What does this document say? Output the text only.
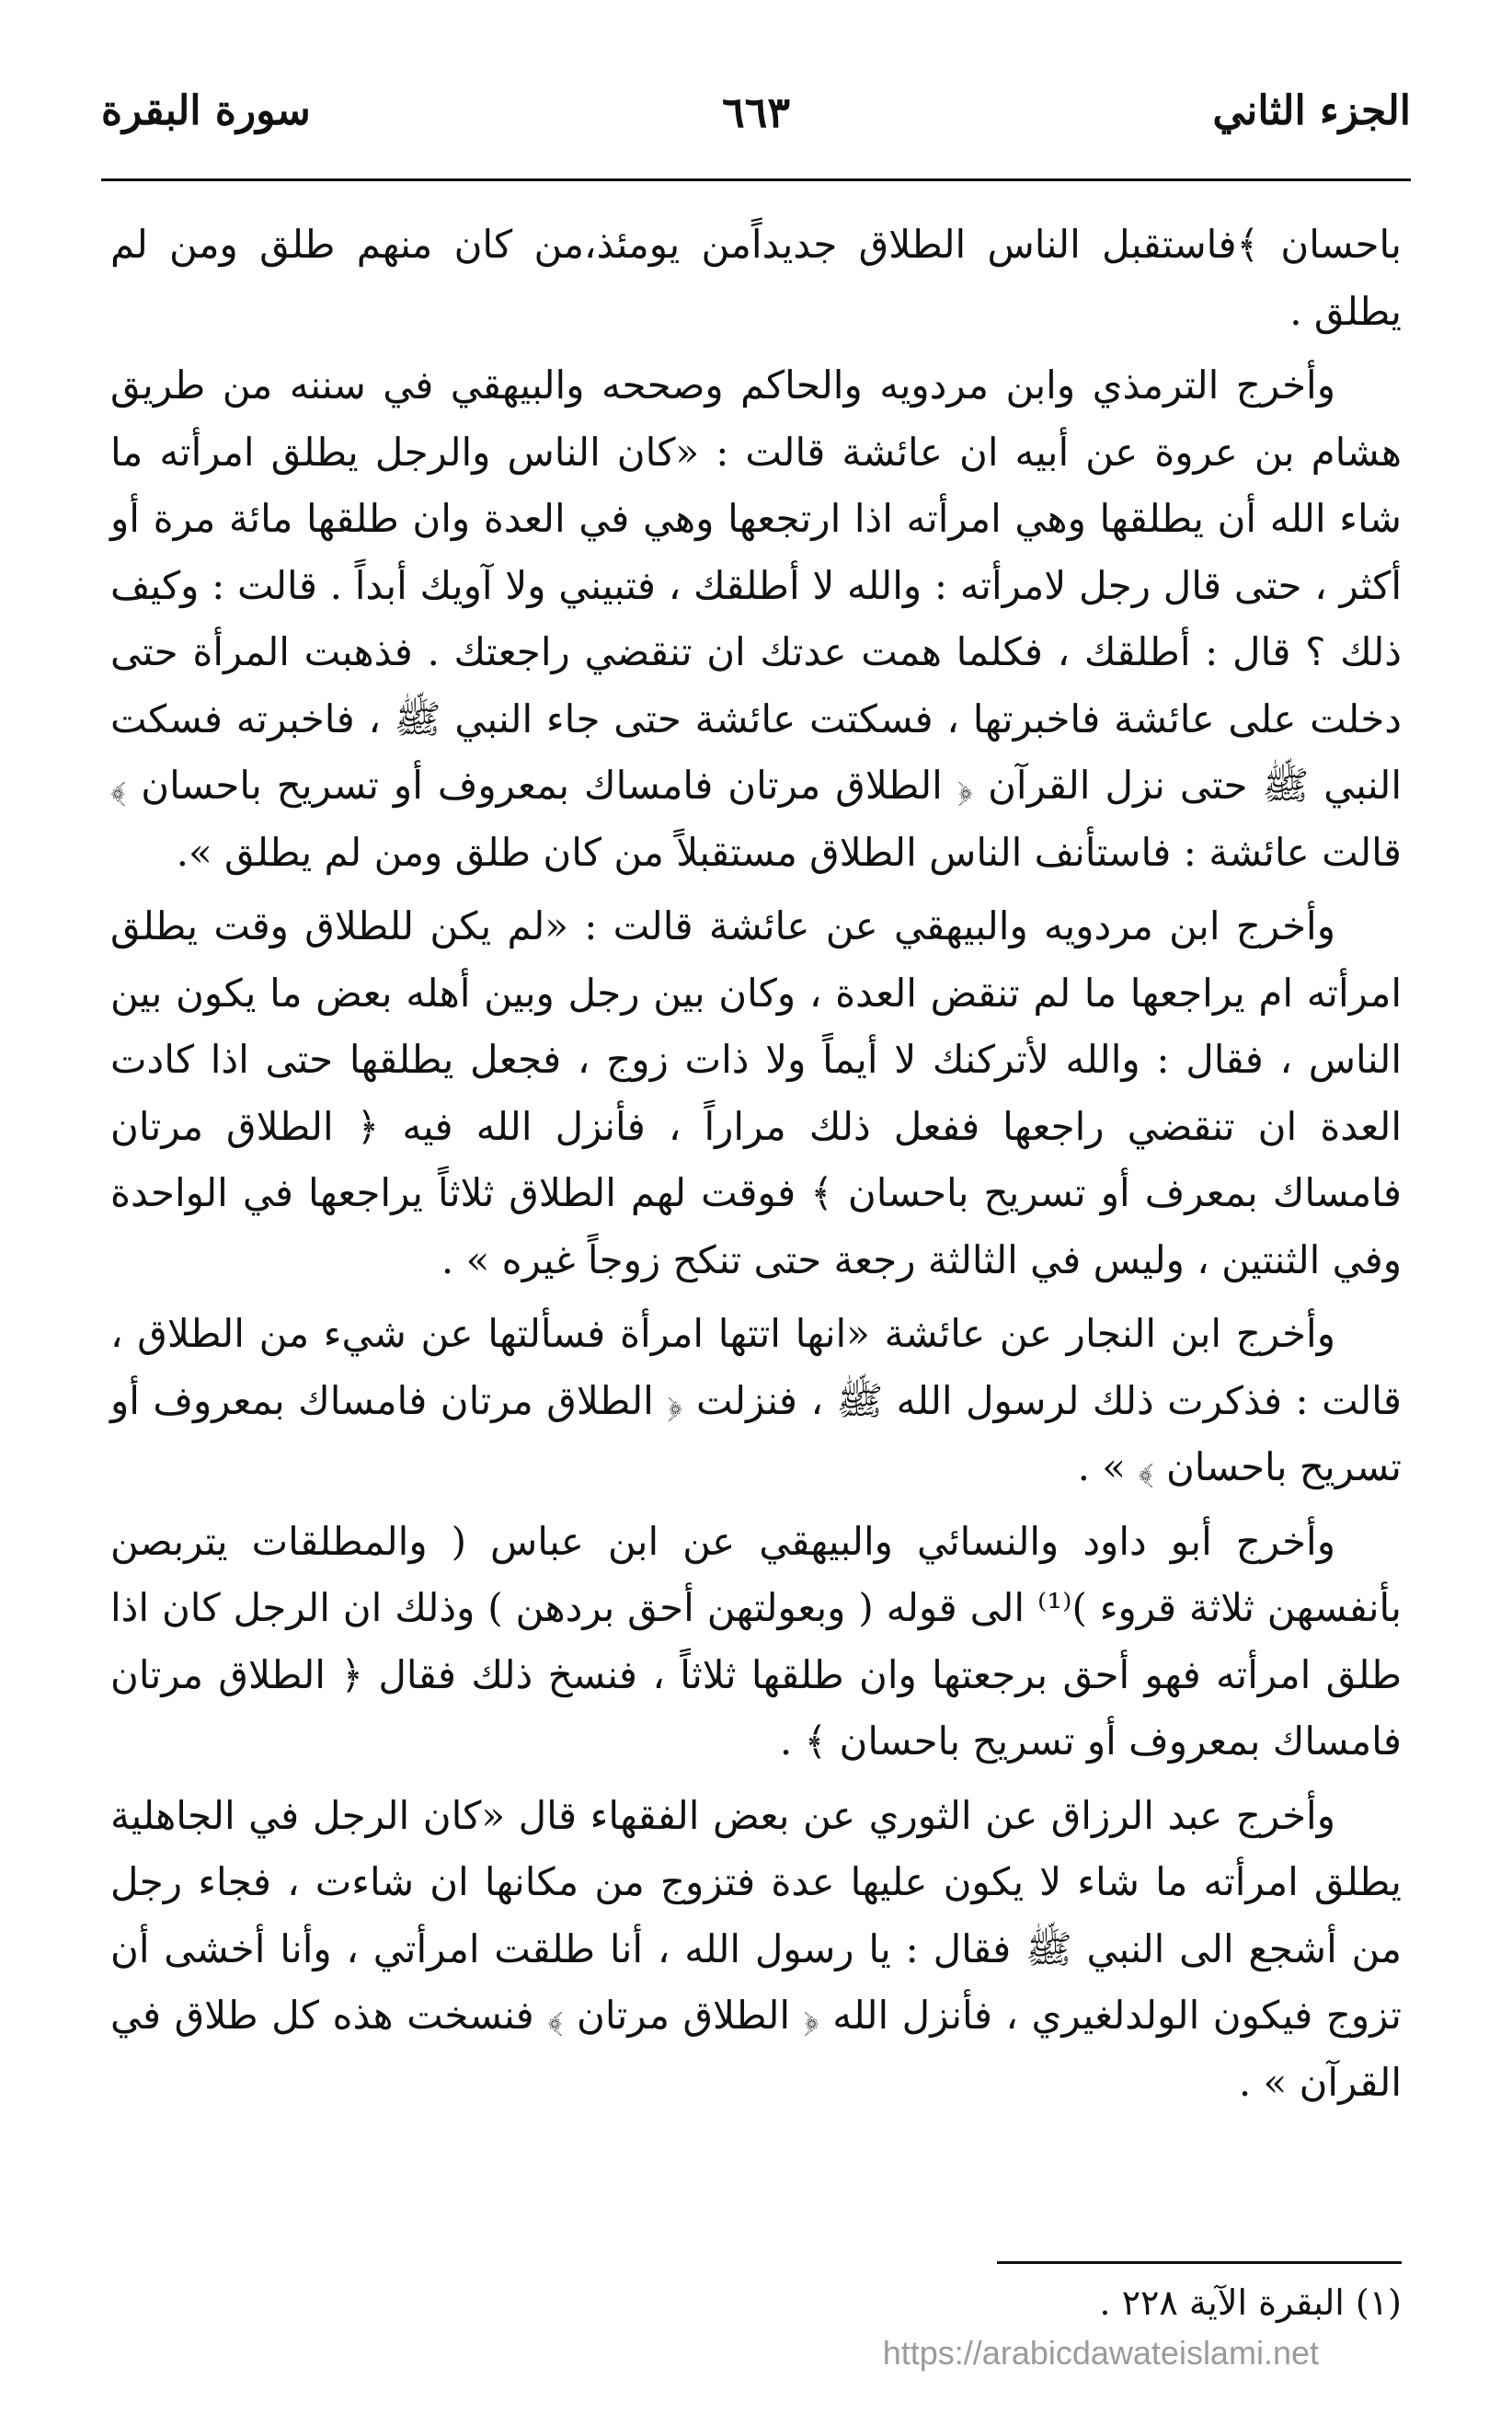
الجزء الثاني
٦٦٣
سورة البقرة

باحسان ﴾فاستقبل الناس الطلاق جديداًمن يومئذ،من كان منهم طلق ومن لم يطلق .

وأخرج الترمذي وابن مردويه والحاكم وصححه والبيهقي في سننه من طريق هشام بن عروة عن أبيه ان عائشة قالت : «كان الناس والرجل يطلق امرأته ما شاء الله أن يطلقها وهي امرأته اذا ارتجعها وهي في العدة وان طلقها مائة مرة أو أكثر ، حتى قال رجل لامرأته : والله لا أطلقك ، فتبيني ولا آويك أبداً . قالت : وكيف ذلك ؟ قال : أطلقك ، فكلما همت عدتك ان تنقضي راجعتك . فذهبت المرأة حتى دخلت على عائشة فاخبرتها ، فسكتت عائشة حتى جاء النبي ﷺ ، فاخبرته فسكت النبي ﷺ حتى نزل القرآن ﴿ الطلاق مرتان فامساك بمعروف أو تسريح باحسان ﴾ قالت عائشة : فاستأنف الناس الطلاق مستقبلاً من كان طلق ومن لم يطلق ».

وأخرج ابن مردويه والبيهقي عن عائشة قالت : «لم يكن للطلاق وقت يطلق امرأته ام يراجعها ما لم تنقض العدة ، وكان بين رجل وبين أهله بعض ما يكون بين الناس ، فقال : والله لأتركنك لا أيماً ولا ذات زوج ، فجعل يطلقها حتى اذا كادت العدة ان تنقضي راجعها ففعل ذلك مراراً ، فأنزل الله فيه ﴿ الطلاق مرتان فامساك بمعرف أو تسريح باحسان ﴾ فوقت لهم الطلاق ثلاثاً يراجعها في الواحدة وفي الثنتين ، وليس في الثالثة رجعة حتى تنكح زوجاً غيره » .

وأخرج ابن النجار عن عائشة «انها اتتها امرأة فسألتها عن شيء من الطلاق ، قالت : فذكرت ذلك لرسول الله ﷺ ، فنزلت ﴿ الطلاق مرتان فامساك بمعروف أو تسريح باحسان ﴾ » .

وأخرج أبو داود والنسائي والبيهقي عن ابن عباس ( والمطلقات يتربصن بأنفسهن ثلاثة قروء )⁽¹⁾ الى قوله ( وبعولتهن أحق بردهن ) وذلك ان الرجل كان اذا طلق امرأته فهو أحق برجعتها وان طلقها ثلاثاً ، فنسخ ذلك فقال ﴿ الطلاق مرتان فامساك بمعروف أو تسريح باحسان ﴾ .

وأخرج عبد الرزاق عن الثوري عن بعض الفقهاء قال «كان الرجل في الجاهلية يطلق امرأته ما شاء لا يكون عليها عدة فتزوج من مكانها ان شاءت ، فجاء رجل من أشجع الى النبي ﷺ فقال : يا رسول الله ، أنا طلقت امرأتي ، وأنا أخشى أن تزوج فيكون الولدلغيري ، فأنزل الله ﴿ الطلاق مرتان ﴾ فنسخت هذه كل طلاق في القرآن » .

(١) البقرة الآية ٢٢٨ .
https://arabicdawateislami.net
